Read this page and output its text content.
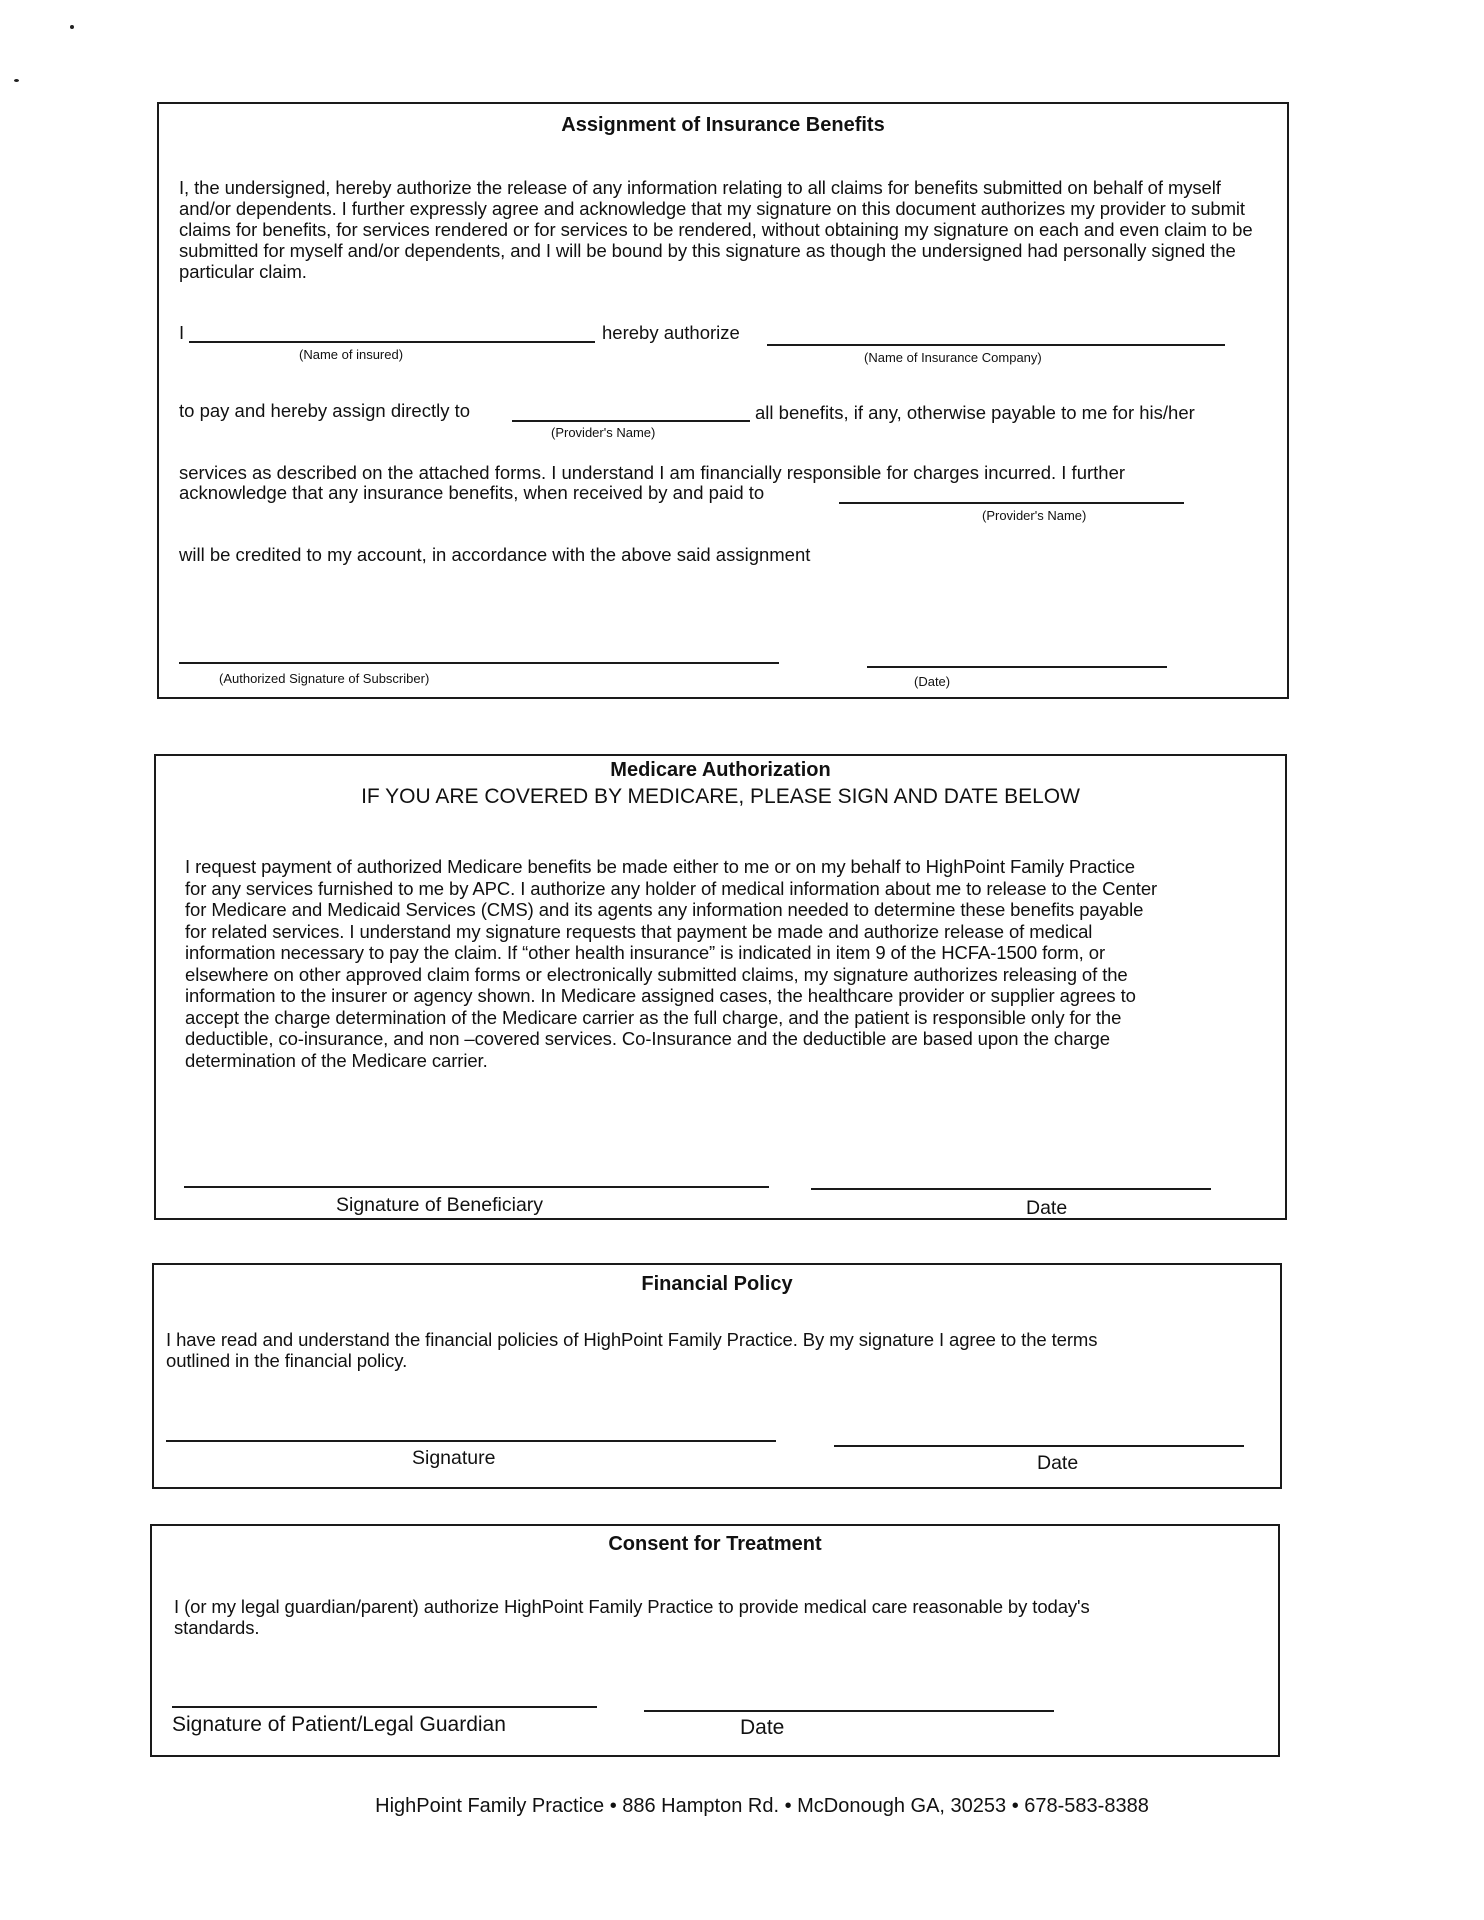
Assignment of Insurance Benefits
I, the undersigned, hereby authorize the release of any information relating to all claims for benefits submitted on behalf of myself and/or dependents. I further expressly agree and acknowledge that my signature on this document authorizes my provider to submit claims for benefits, for services rendered or for services to be rendered, without obtaining my signature on each and even claim to be submitted for myself and/or dependents, and I will be bound by this signature as though the undersigned had personally signed the particular claim.
I
(Name of insured)
hereby authorize
(Name of Insurance Company)
to pay and hereby assign directly to
(Provider's Name)
all benefits, if any, otherwise payable to me for his/her
services as described on the attached forms. I understand I am financially responsible for charges incurred. I further
acknowledge that any insurance benefits, when received by and paid to
(Provider's Name)
will be credited to my account, in accordance with the above said assignment
(Authorized Signature of Subscriber)	(Date)
Medicare Authorization
IF YOU ARE COVERED BY MEDICARE, PLEASE SIGN AND DATE BELOW
I request payment of authorized Medicare benefits be made either to me or on my behalf to HighPoint Family Practice
for any services furnished to me by APC. I authorize any holder of medical information about me to release to the Center
for Medicare and Medicaid Services (CMS) and its agents any information needed to determine these benefits payable
for related services. I understand my signature requests that payment be made and authorize release of medical
information necessary to pay the claim. If “other health insurance” is indicated in item 9 of the HCFA-1500 form, or
elsewhere on other approved claim forms or electronically submitted claims, my signature authorizes releasing of the
information to the insurer or agency shown. In Medicare assigned cases, the healthcare provider or supplier agrees to
accept the charge determination of the Medicare carrier as the full charge, and the patient is responsible only for the
deductible, co-insurance, and non –covered services. Co-Insurance and the deductible are based upon the charge
determination of the Medicare carrier.
Signature of Beneficiary	Date
Financial Policy
I have read and understand the financial policies of HighPoint Family Practice. By my signature I agree to the terms
outlined in the financial policy.
Signature	Date
Consent for Treatment
I (or my legal guardian/parent) authorize HighPoint Family Practice to provide medical care reasonable by today's
standards.
Signature of Patient/Legal Guardian	Date
HighPoint Family Practice • 886 Hampton Rd. • McDonough GA, 30253 • 678-583-8388
